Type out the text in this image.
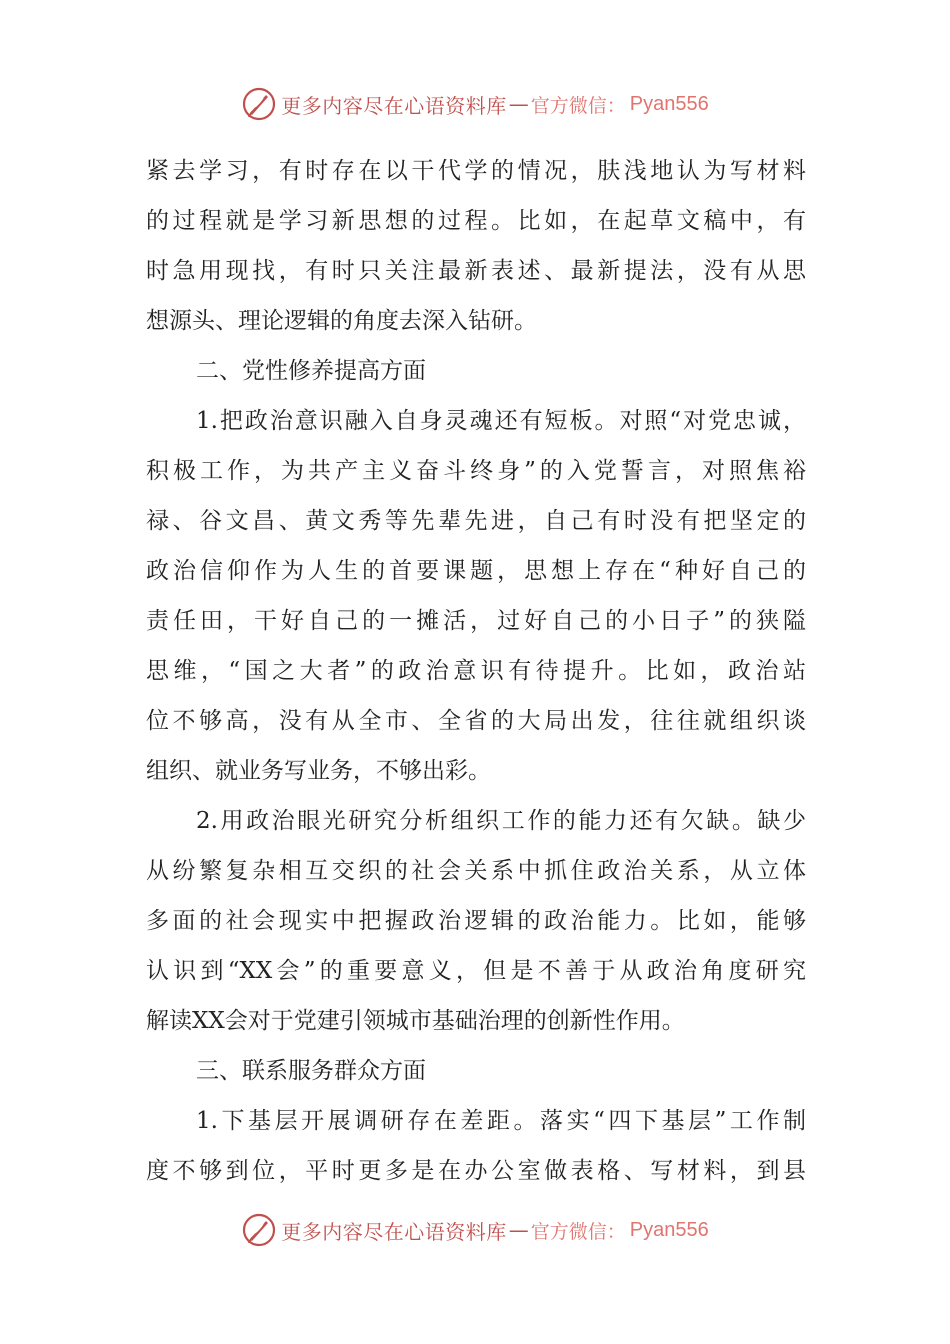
更多内容尽在心语资料库 — 官方微信： Pyan556
紧去学习，有时存在以干代学的情况，肤浅地认为写材料
的过程就是学习新思想的过程。比如，在起草文稿中，有
时急用现找，有时只关注最新表述、最新提法，没有从思
想源头、理论逻辑的角度去深入钻研。
二、党性修养提高方面
1.把政治意识融入自身灵魂还有短板。对照“对党忠诚，
积极工作，为共产主义奋斗终身”的入党誓言，对照焦裕
禄、谷文昌、黄文秀等先辈先进，自己有时没有把坚定的
政治信仰作为人生的首要课题，思想上存在“种好自己的
责任田，干好自己的一摊活，过好自己的小日子”的狭隘
思维，“国之大者”的政治意识有待提升。比如，政治站
位不够高，没有从全市、全省的大局出发，往往就组织谈
组织、就业务写业务，不够出彩。
2.用政治眼光研究分析组织工作的能力还有欠缺。缺少
从纷繁复杂相互交织的社会关系中抓住政治关系，从立体
多面的社会现实中把握政治逻辑的政治能力。比如，能够
认识到“XX会”的重要意义，但是不善于从政治角度研究
解读XX会对于党建引领城市基础治理的创新性作用。
三、联系服务群众方面
1.下基层开展调研存在差距。落实“四下基层”工作制
度不够到位，平时更多是在办公室做表格、写材料，到县
更多内容尽在心语资料库 — 官方微信： Pyan556
